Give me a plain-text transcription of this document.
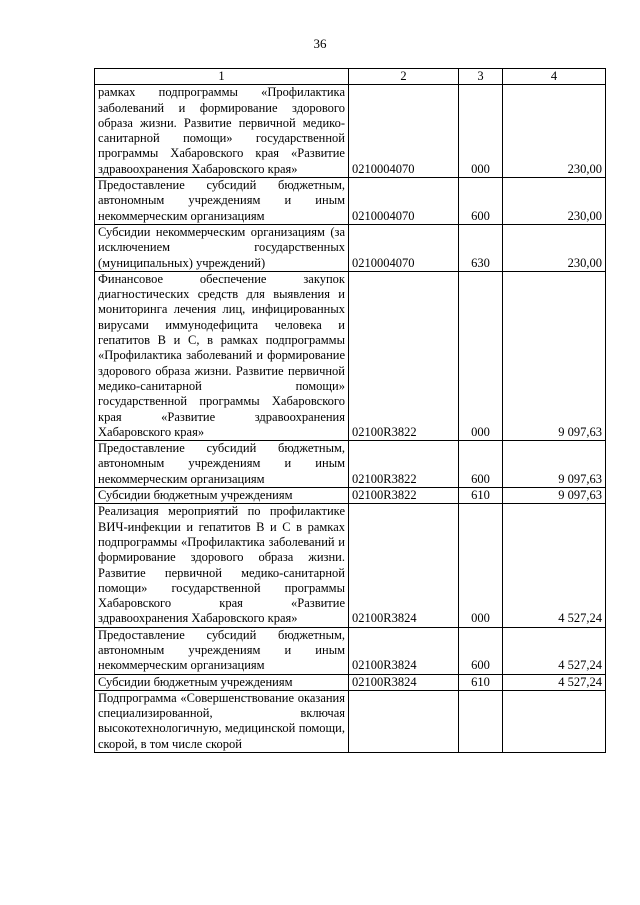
36
1	2	3	4
рамках подпрограммы «Профилактика заболеваний и формирование здорового образа жизни. Развитие первичной медико-санитарной помощи» государственной программы Хабаровского края «Развитие здравоохранения Хабаровского края»	0210004070	000	230,00
Предоставление субсидий бюджетным, автономным учреждениям и иным некоммерческим организациям	0210004070	600	230,00
Субсидии некоммерческим организациям (за исключением государственных (муниципальных) учреждений)	0210004070	630	230,00
Финансовое обеспечение закупок диагностических средств для выявления и мониторинга лечения лиц, инфицированных вирусами иммунодефицита человека и гепатитов В и С, в рамках подпрограммы «Профилактика заболеваний и формирование здорового образа жизни. Развитие первичной медико-санитарной помощи» государственной программы Хабаровского края «Развитие здравоохранения Хабаровского края»	02100R3822	000	9 097,63
Предоставление субсидий бюджетным, автономным учреждениям и иным некоммерческим организациям	02100R3822	600	9 097,63
Субсидии бюджетным учреждениям	02100R3822	610	9 097,63
Реализация мероприятий по профилактике ВИЧ-инфекции и гепатитов В и С в рамках подпрограммы «Профилактика заболеваний и формирование здорового образа жизни. Развитие первичной медико-санитарной помощи» государственной программы Хабаровского края «Развитие здравоохранения Хабаровского края»	02100R3824	000	4 527,24
Предоставление субсидий бюджетным, автономным учреждениям и иным некоммерческим организациям	02100R3824	600	4 527,24
Субсидии бюджетным учреждениям	02100R3824	610	4 527,24
Подпрограмма «Совершенствование оказания специализированной, включая высокотехнологичную, медицинской помощи, скорой, в том числе скорой			
